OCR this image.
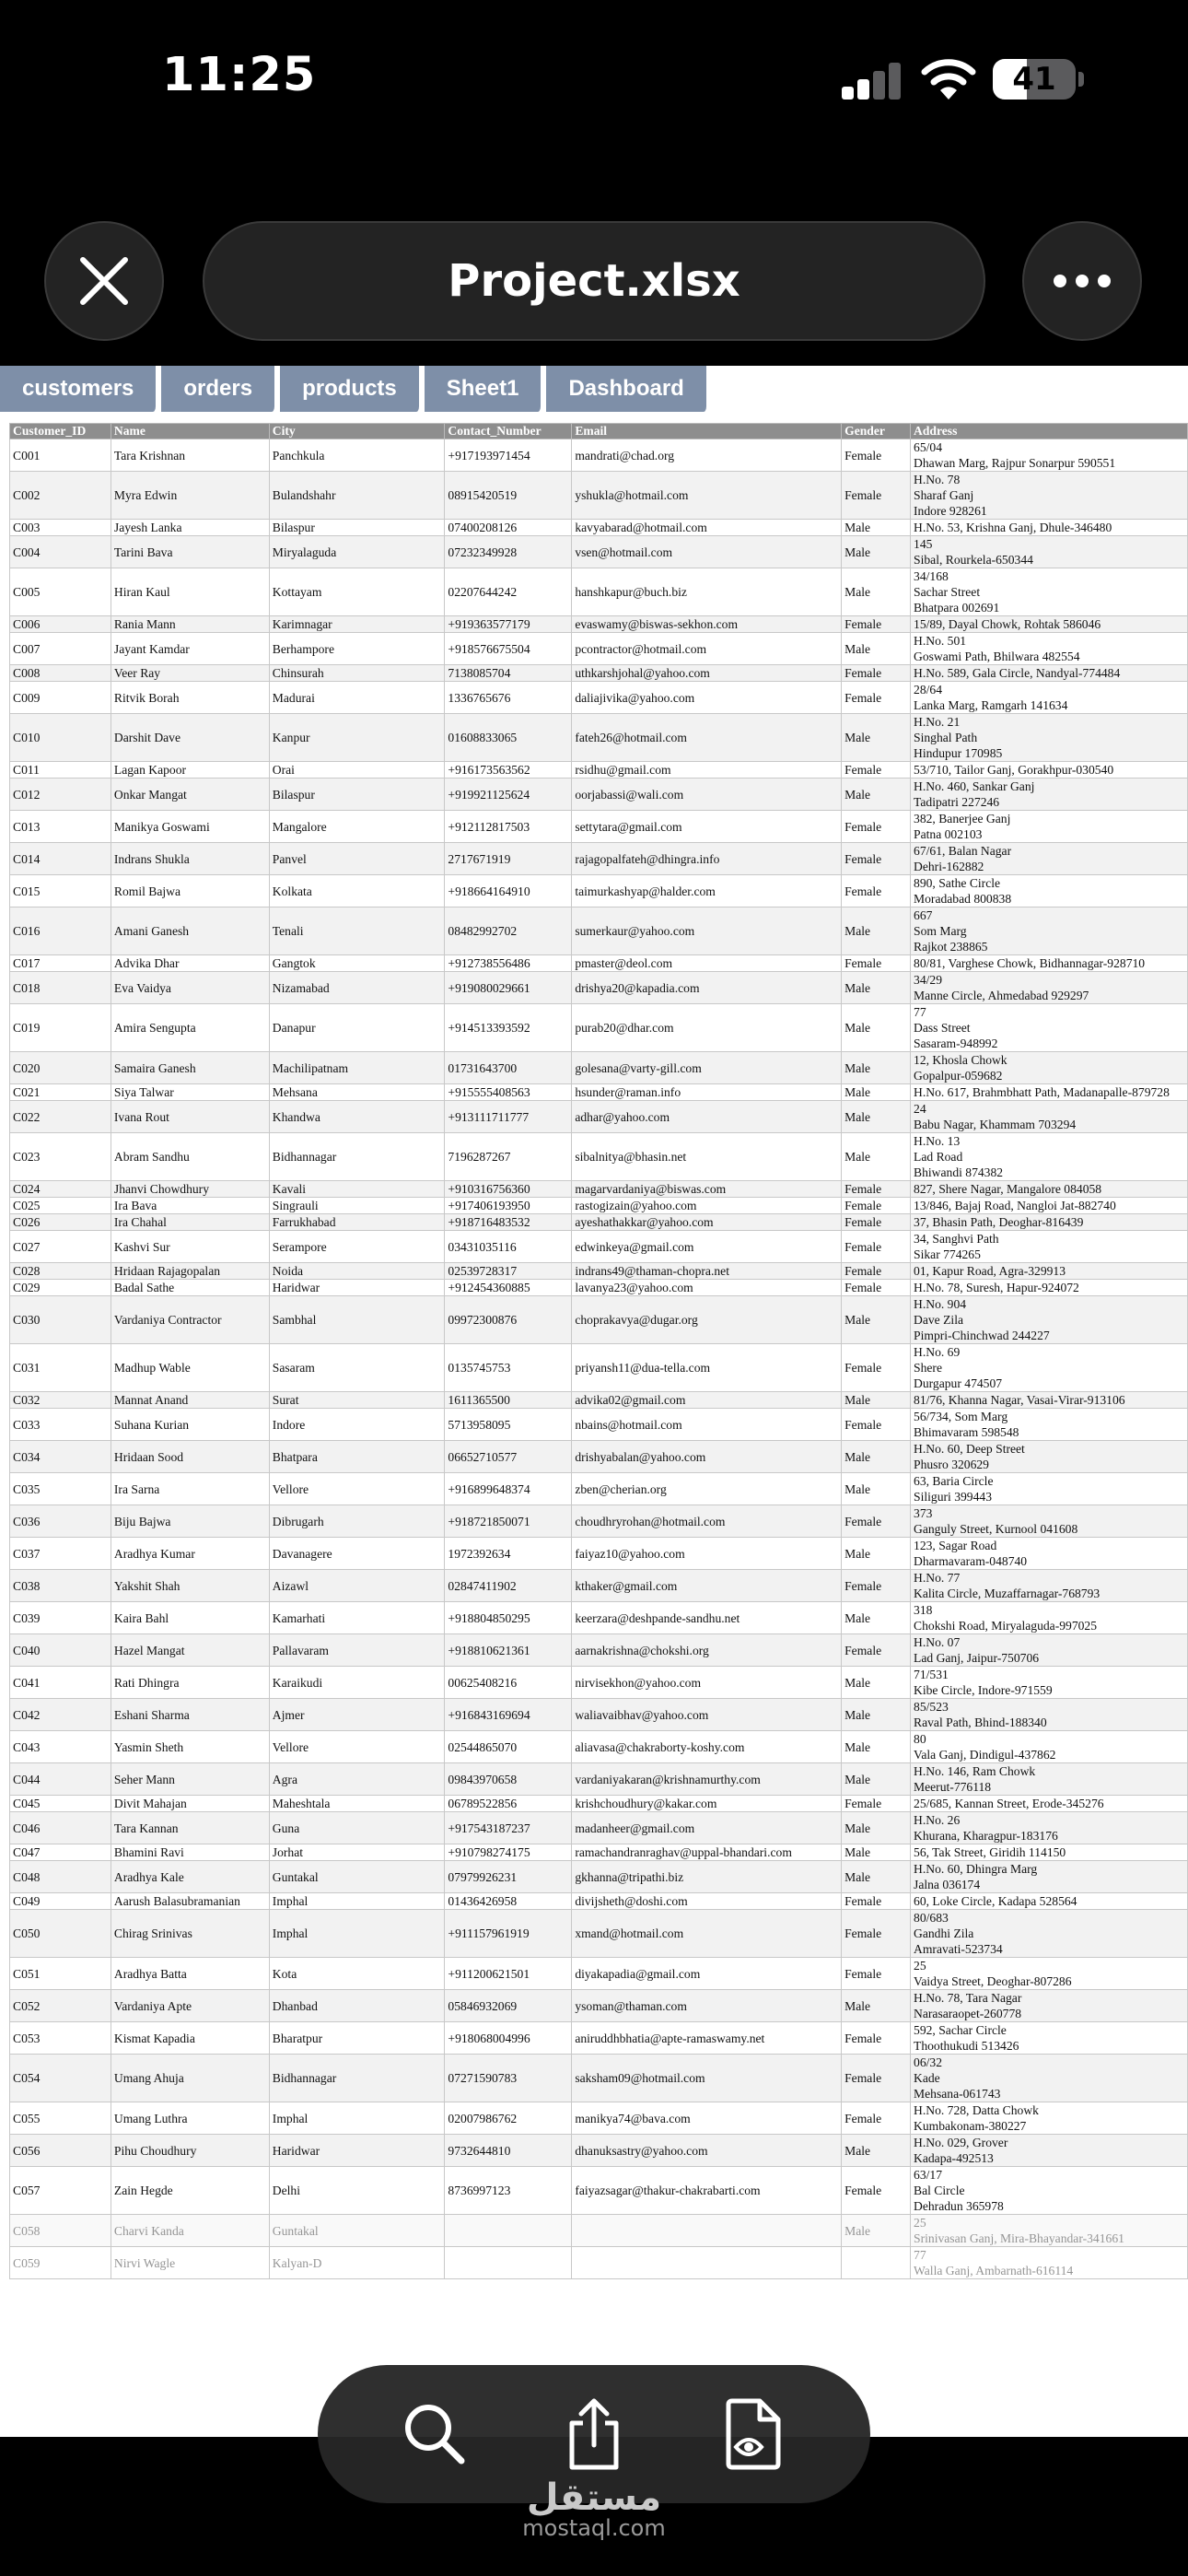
11:25	41
Project.xlsx
customers	orders	products	Sheet1	Dashboard
Customer_ID	Name	City	Contact_Number	Email	Gender	Address
C001	Tara Krishnan	Panchkula	+917193971454	mandrati@chad.org	Female	65/04
Dhawan Marg, Rajpur Sonarpur 590551
C002	Myra Edwin	Bulandshahr	08915420519	yshukla@hotmail.com	Female	H.No. 78
Sharaf Ganj
Indore 928261
C003	Jayesh Lanka	Bilaspur	07400208126	kavyabarad@hotmail.com	Male	H.No. 53, Krishna Ganj, Dhule-346480
C004	Tarini Bava	Miryalaguda	07232349928	vsen@hotmail.com	Male	145
Sibal, Rourkela-650344
C005	Hiran Kaul	Kottayam	02207644242	hanshkapur@buch.biz	Male	34/168
Sachar Street
Bhatpara 002691
C006	Rania Mann	Karimnagar	+919363577179	evaswamy@biswas-sekhon.com	Female	15/89, Dayal Chowk, Rohtak 586046
C007	Jayant Kamdar	Berhampore	+918576675504	pcontractor@hotmail.com	Male	H.No. 501
Goswami Path, Bhilwara 482554
C008	Veer Ray	Chinsurah	7138085704	uthkarshjohal@yahoo.com	Female	H.No. 589, Gala Circle, Nandyal-774484
C009	Ritvik Borah	Madurai	1336765676	daliajivika@yahoo.com	Female	28/64
Lanka Marg, Ramgarh 141634
C010	Darshit Dave	Kanpur	01608833065	fateh26@hotmail.com	Male	H.No. 21
Singhal Path
Hindupur 170985
C011	Lagan Kapoor	Orai	+916173563562	rsidhu@gmail.com	Female	53/710, Tailor Ganj, Gorakhpur-030540
C012	Onkar Mangat	Bilaspur	+919921125624	oorjabassi@wali.com	Male	H.No. 460, Sankar Ganj
Tadipatri 227246
C013	Manikya Goswami	Mangalore	+912112817503	settytara@gmail.com	Female	382, Banerjee Ganj
Patna 002103
C014	Indrans Shukla	Panvel	2717671919	rajagopalfateh@dhingra.info	Female	67/61, Balan Nagar
Dehri-162882
C015	Romil Bajwa	Kolkata	+918664164910	taimurkashyap@halder.com	Female	890, Sathe Circle
Moradabad 800838
C016	Amani Ganesh	Tenali	08482992702	sumerkaur@yahoo.com	Male	667
Som Marg
Rajkot 238865
C017	Advika Dhar	Gangtok	+912738556486	pmaster@deol.com	Female	80/81, Varghese Chowk, Bidhannagar-928710
C018	Eva Vaidya	Nizamabad	+919080029661	drishya20@kapadia.com	Male	34/29
Manne Circle, Ahmedabad 929297
C019	Amira Sengupta	Danapur	+914513393592	purab20@dhar.com	Male	77
Dass Street
Sasaram-948992
C020	Samaira Ganesh	Machilipatnam	01731643700	golesana@varty-gill.com	Male	12, Khosla Chowk
Gopalpur-059682
C021	Siya Talwar	Mehsana	+915555408563	hsunder@raman.info	Male	H.No. 617, Brahmbhatt Path, Madanapalle-879728
C022	Ivana Rout	Khandwa	+913111711777	adhar@yahoo.com	Male	24
Babu Nagar, Khammam 703294
C023	Abram Sandhu	Bidhannagar	7196287267	sibalnitya@bhasin.net	Male	H.No. 13
Lad Road
Bhiwandi 874382
C024	Jhanvi Chowdhury	Kavali	+910316756360	magarvardaniya@biswas.com	Female	827, Shere Nagar, Mangalore 084058
C025	Ira Bava	Singrauli	+917406193950	rastogizain@yahoo.com	Female	13/846, Bajaj Road, Nangloi Jat-882740
C026	Ira Chahal	Farrukhabad	+918716483532	ayeshathakkar@yahoo.com	Female	37, Bhasin Path, Deoghar-816439
C027	Kashvi Sur	Serampore	03431035116	edwinkeya@gmail.com	Female	34, Sanghvi Path
Sikar 774265
C028	Hridaan Rajagopalan	Noida	02539728317	indrans49@thaman-chopra.net	Female	01, Kapur Road, Agra-329913
C029	Badal Sathe	Haridwar	+912454360885	lavanya23@yahoo.com	Female	H.No. 78, Suresh, Hapur-924072
C030	Vardaniya Contractor	Sambhal	09972300876	choprakavya@dugar.org	Male	H.No. 904
Dave Zila
Pimpri-Chinchwad 244227
C031	Madhup Wable	Sasaram	0135745753	priyansh11@dua-tella.com	Female	H.No. 69
Shere
Durgapur 474507
C032	Mannat Anand	Surat	1611365500	advika02@gmail.com	Male	81/76, Khanna Nagar, Vasai-Virar-913106
C033	Suhana Kurian	Indore	5713958095	nbains@hotmail.com	Female	56/734, Som Marg
Bhimavaram 598548
C034	Hridaan Sood	Bhatpara	06652710577	drishyabalan@yahoo.com	Male	H.No. 60, Deep Street
Phusro 320629
C035	Ira Sarna	Vellore	+916899648374	zben@cherian.org	Male	63, Baria Circle
Siliguri 399443
C036	Biju Bajwa	Dibrugarh	+918721850071	choudhryrohan@hotmail.com	Female	373
Ganguly Street, Kurnool 041608
C037	Aradhya Kumar	Davanagere	1972392634	faiyaz10@yahoo.com	Male	123, Sagar Road
Dharmavaram-048740
C038	Yakshit Shah	Aizawl	02847411902	kthaker@gmail.com	Female	H.No. 77
Kalita Circle, Muzaffarnagar-768793
C039	Kaira Bahl	Kamarhati	+918804850295	keerzara@deshpande-sandhu.net	Male	318
Chokshi Road, Miryalaguda-997025
C040	Hazel Mangat	Pallavaram	+918810621361	aarnakrishna@chokshi.org	Female	H.No. 07
Lad Ganj, Jaipur-750706
C041	Rati Dhingra	Karaikudi	00625408216	nirvisekhon@yahoo.com	Male	71/531
Kibe Circle, Indore-971559
C042	Eshani Sharma	Ajmer	+916843169694	waliavaibhav@yahoo.com	Male	85/523
Raval Path, Bhind-188340
C043	Yasmin Sheth	Vellore	02544865070	aliavasa@chakraborty-koshy.com	Male	80
Vala Ganj, Dindigul-437862
C044	Seher Mann	Agra	09843970658	vardaniyakaran@krishnamurthy.com	Male	H.No. 146, Ram Chowk
Meerut-776118
C045	Divit Mahajan	Maheshtala	06789522856	krishchoudhury@kakar.com	Female	25/685, Kannan Street, Erode-345276
C046	Tara Kannan	Guna	+917543187237	madanheer@gmail.com	Male	H.No. 26
Khurana, Kharagpur-183176
C047	Bhamini Ravi	Jorhat	+910798274175	ramachandranraghav@uppal-bhandari.com	Male	56, Tak Street, Giridih 114150
C048	Aradhya Kale	Guntakal	07979926231	gkhanna@tripathi.biz	Male	H.No. 60, Dhingra Marg
Jalna 036174
C049	Aarush Balasubramanian	Imphal	01436426958	divijsheth@doshi.com	Female	60, Loke Circle, Kadapa 528564
C050	Chirag Srinivas	Imphal	+911157961919	xmand@hotmail.com	Female	80/683
Gandhi Zila
Amravati-523734
C051	Aradhya Batta	Kota	+911200621501	diyakapadia@gmail.com	Female	25
Vaidya Street, Deoghar-807286
C052	Vardaniya Apte	Dhanbad	05846932069	ysoman@thaman.com	Male	H.No. 78, Tara Nagar
Narasaraopet-260778
C053	Kismat Kapadia	Bharatpur	+918068004996	aniruddhbhatia@apte-ramaswamy.net	Female	592, Sachar Circle
Thoothukudi 513426
C054	Umang Ahuja	Bidhannagar	07271590783	saksham09@hotmail.com	Female	06/32
Kade
Mehsana-061743
C055	Umang Luthra	Imphal	02007986762	manikya74@bava.com	Female	H.No. 728, Datta Chowk
Kumbakonam-380227
C056	Pihu Choudhury	Haridwar	9732644810	dhanuksastry@yahoo.com	Male	H.No. 029, Grover
Kadapa-492513
C057	Zain Hegde	Delhi	8736997123	faiyazsagar@thakur-chakrabarti.com	Female	63/17
Bal Circle
Dehradun 365978
C058	Charvi Kanda	Guntakal			Male	25
Srinivasan Ganj, Mira-Bhayandar-341661
C059	Nirvi Wagle	Kalyan-D				77
Walla Ganj, Ambarnath-616114
مستقل
mostaql.com
